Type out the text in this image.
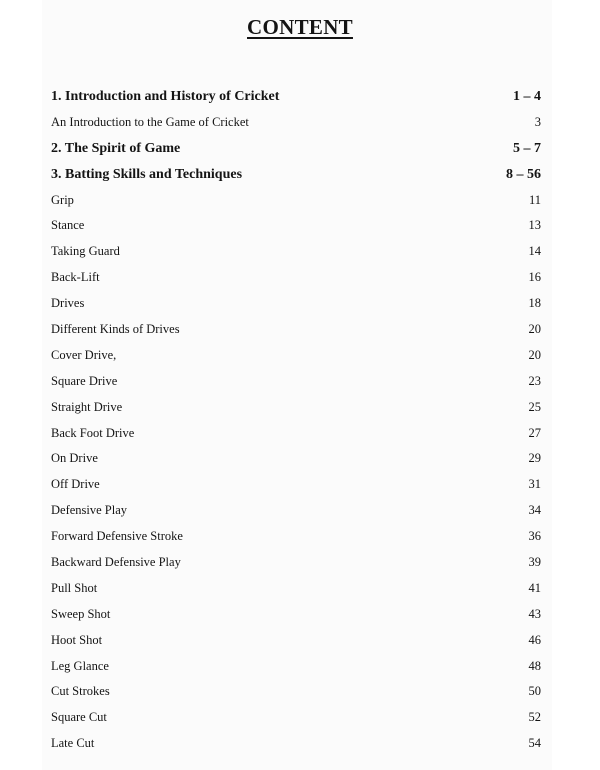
CONTENT
1. Introduction and History of Cricket	1 – 4
An Introduction to the Game of Cricket	3
2. The Spirit of Game	5 – 7
3. Batting Skills and Techniques	8 – 56
Grip	11
Stance	13
Taking Guard	14
Back-Lift	16
Drives	18
Different Kinds of Drives	20
Cover Drive,	20
Square Drive	23
Straight Drive	25
Back Foot Drive	27
On Drive	29
Off Drive	31
Defensive Play	34
Forward Defensive Stroke	36
Backward Defensive Play	39
Pull Shot	41
Sweep Shot	43
Hoot Shot	46
Leg Glance	48
Cut Strokes	50
Square Cut	52
Late Cut	54
